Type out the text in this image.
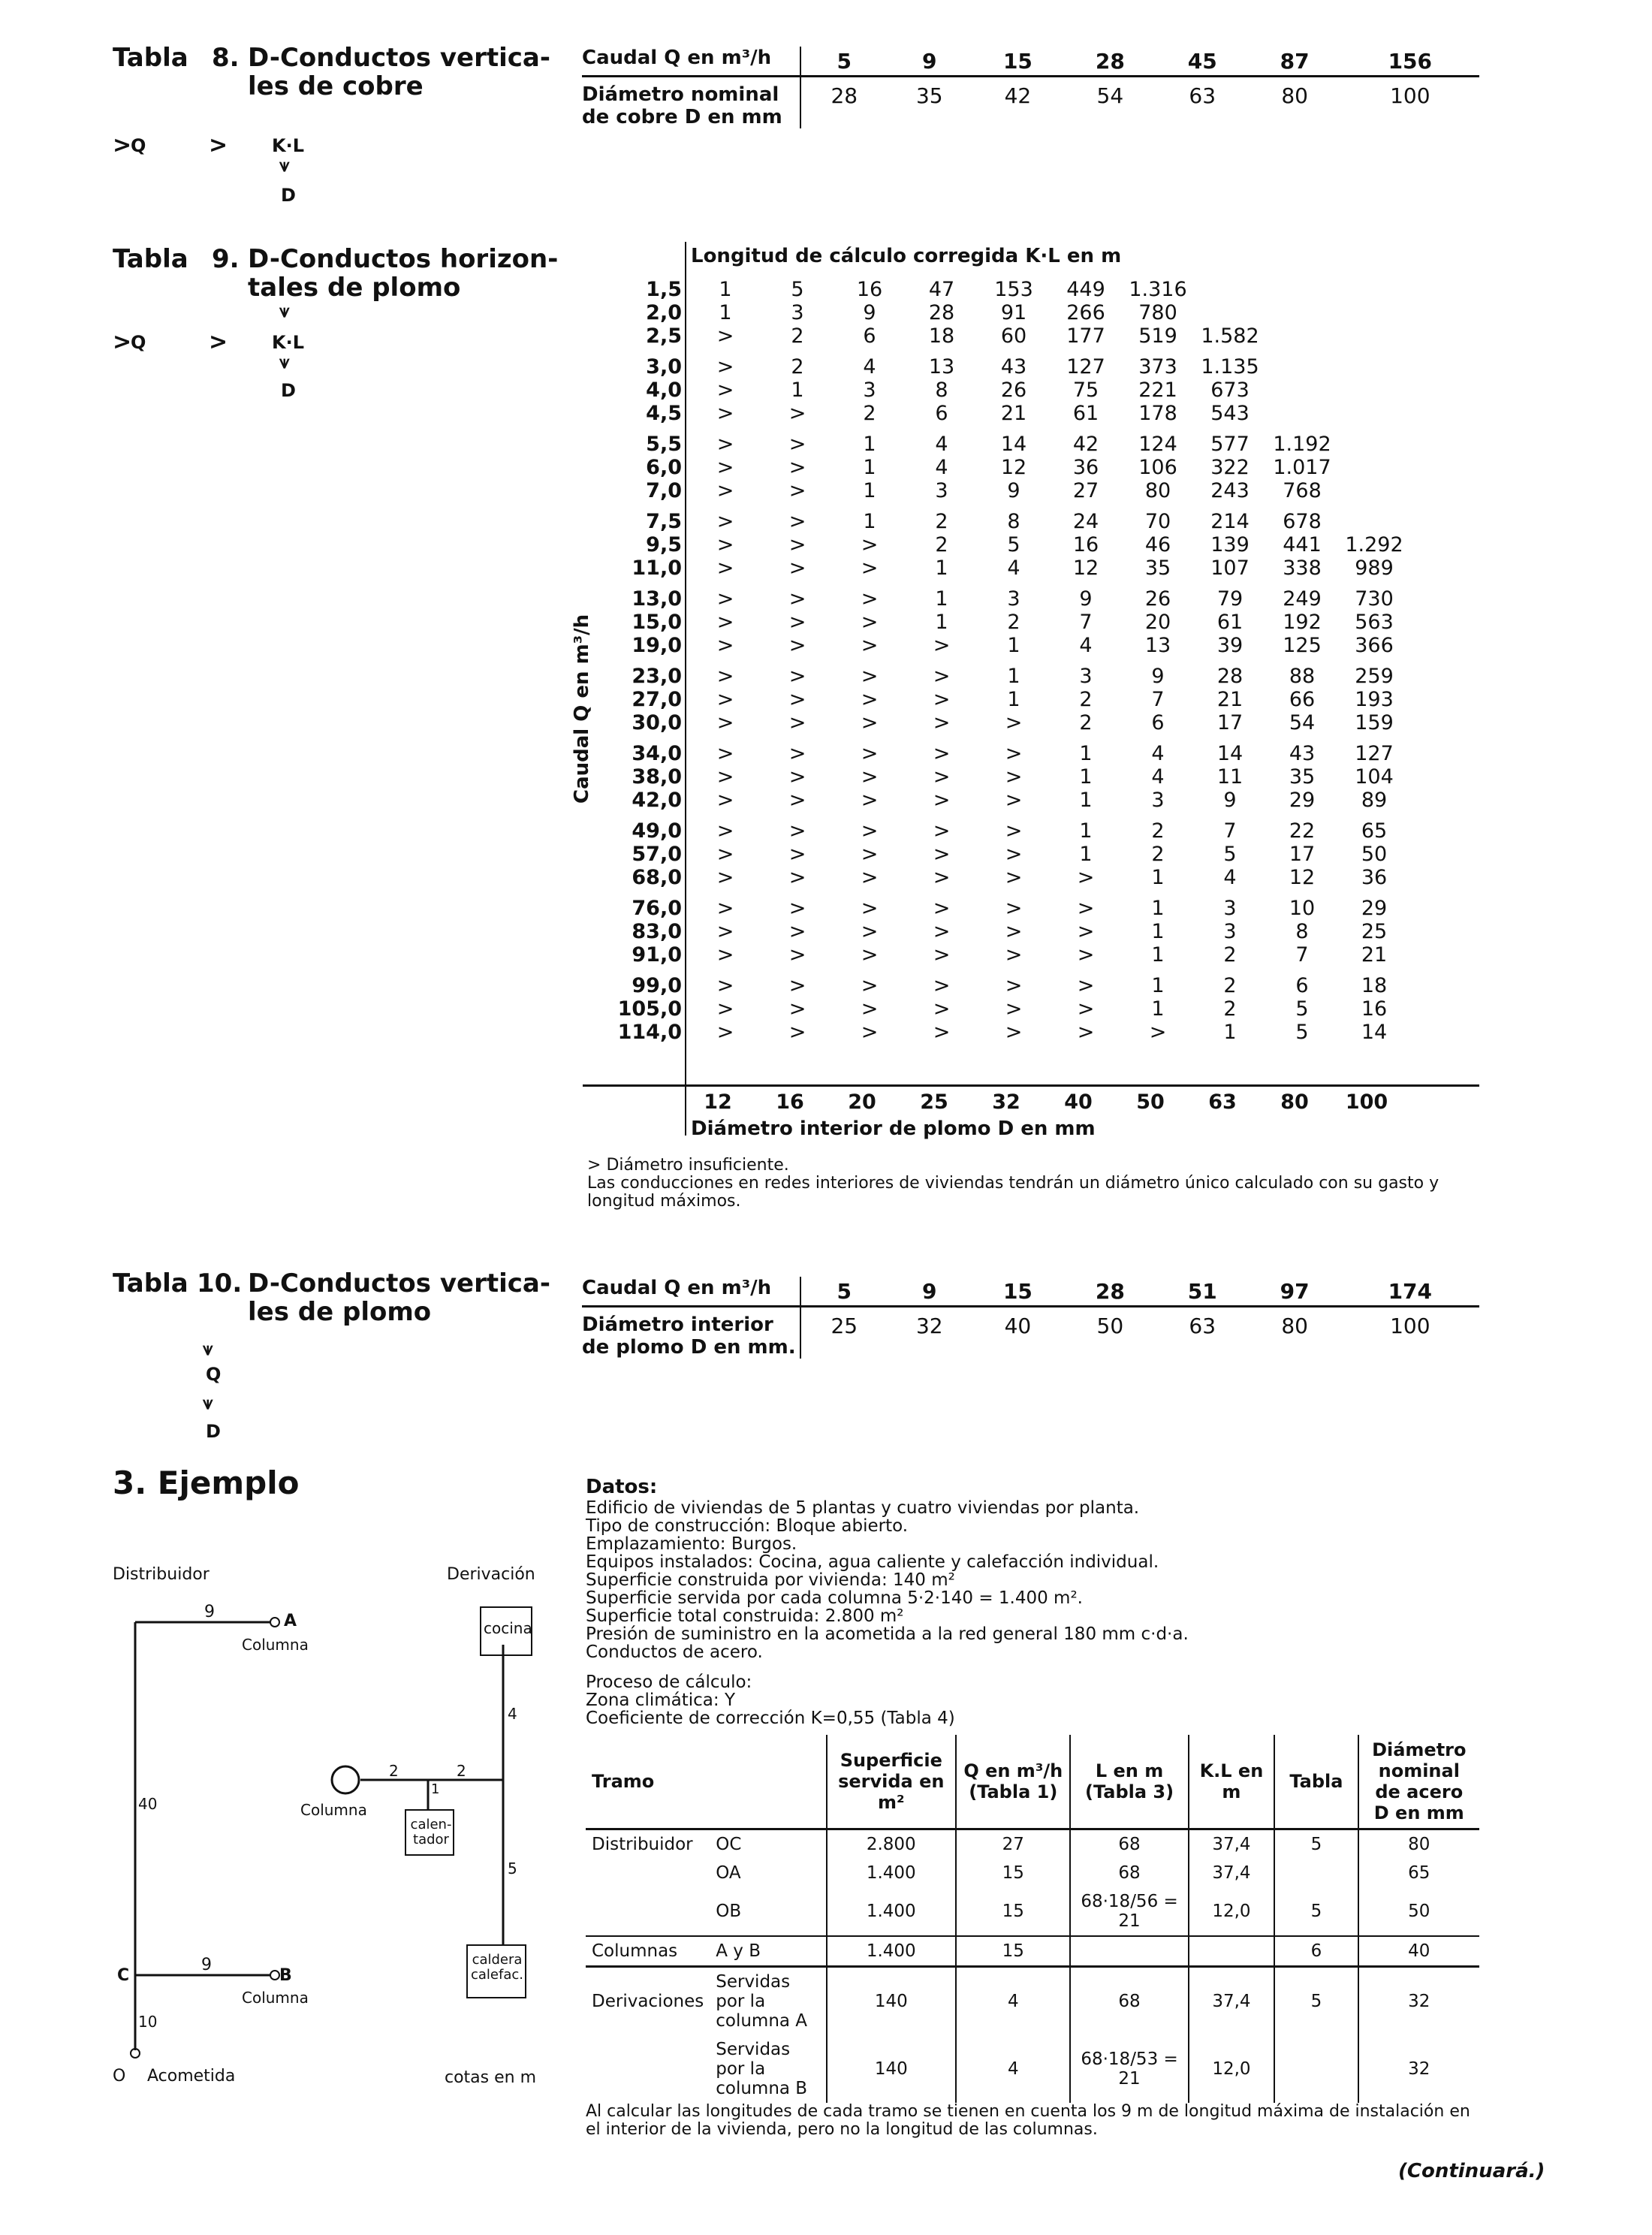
Tabla 8. D-Conductos vertica-
les de cobre
>
Q	> K·L
⩛
D
Caudal Q en m³/h	5	9	15	28	45	87	156
Diámetro nominal de cobre D en mm	28	35	42	54	63	80	100
Tabla 9. D-Conductos horizon-
tales de plomo
⩛
>
Q	> K·L
⩛
D
Longitud de cálculo corregida K·L en m
Caudal Q en m³/h
1,5	1	5	16	47	153	449	1.316			
2,0	1	3	9	28	91	266	780			
2,5	>	2	6	18	60	177	519	1.582		

3,0	>	2	4	13	43	127	373	1.135		
4,0	>	1	3	8	26	75	221	673		
4,5	>	>	2	6	21	61	178	543		

5,5	>	>	1	4	14	42	124	577	1.192	
6,0	>	>	1	4	12	36	106	322	1.017	
7,0	>	>	1	3	9	27	80	243	768	

7,5	>	>	1	2	8	24	70	214	678	
9,5	>	>	>	2	5	16	46	139	441	1.292
11,0	>	>	>	1	4	12	35	107	338	989

13,0	>	>	>	1	3	9	26	79	249	730
15,0	>	>	>	1	2	7	20	61	192	563
19,0	>	>	>	>	1	4	13	39	125	366

23,0	>	>	>	>	1	3	9	28	88	259
27,0	>	>	>	>	1	2	7	21	66	193
30,0	>	>	>	>	>	2	6	17	54	159

34,0	>	>	>	>	>	1	4	14	43	127
38,0	>	>	>	>	>	1	4	11	35	104
42,0	>	>	>	>	>	1	3	9	29	89

49,0	>	>	>	>	>	1	2	7	22	65
57,0	>	>	>	>	>	1	2	5	17	50
68,0	>	>	>	>	>	>	1	4	12	36

76,0	>	>	>	>	>	>	1	3	10	29
83,0	>	>	>	>	>	>	1	3	8	25
91,0	>	>	>	>	>	>	1	2	7	21

99,0	>	>	>	>	>	>	1	2	6	18
105,0	>	>	>	>	>	>	1	2	5	16
114,0	>	>	>	>	>	>	>	1	5	14
12	16	20	25	32	40	50	63	80	100
Diámetro interior de plomo D en mm
> Diámetro insuficiente.
Las conducciones en redes interiores de viviendas tendrán un diámetro único calculado con su gasto y longitud máximos.
Tabla 10. D-Conductos vertica-
les de plomo
⩛
Q
⩛
D
Caudal Q en m³/h	5	9	15	28	51	97	174
Diámetro interior de plomo D en mm.	25	32	40	50	63	80	100
3. Ejemplo
Distribuidor	Derivación
9	A
Columna
cocina
4
2	2
1
40	Columna
calen-tador
5
9
C	B
Columna
caldera calefac.
10
O Acometida	cotas en m
Datos:
Edificio de viviendas de 5 plantas y cuatro viviendas por planta.
Tipo de construcción: Bloque abierto.
Emplazamiento: Burgos.
Equipos instalados: Cocina, agua caliente y calefacción individual.
Superficie construida por vivienda: 140 m²
Superficie servida por cada columna 5·2·140 = 1.400 m².
Superficie total construida: 2.800 m²
Presión de suministro en la acometida a la red general 180 mm c·d·a.
Conductos de acero.
Proceso de cálculo:
Zona climática: Y
Coeficiente de corrección K=0,55 (Tabla 4)
Tramo		Superficie servida en m²	Q en m³/h (Tabla 1)	L en m (Tabla 3)	K.L en m	Tabla	Diámetro nominal de acero D en mm
Distribuidor	OC	2.800	27	68	37,4	5	80
	OA	1.400	15	68	37,4		65
	OB	1.400	15	68·18/56 = 21	12,0	5	50
Columnas	A y B	1.400	15			6	40
Derivaciones	Servidas por la columna A	140	4	68	37,4	5	32
	Servidas por la columna B	140	4	68·18/53 = 21	12,0		32
Al calcular las longitudes de cada tramo se tienen en cuenta los 9 m de longitud máxima de instalación en el interior de la vivienda, pero no la longitud de las columnas.
(Continuará.)
